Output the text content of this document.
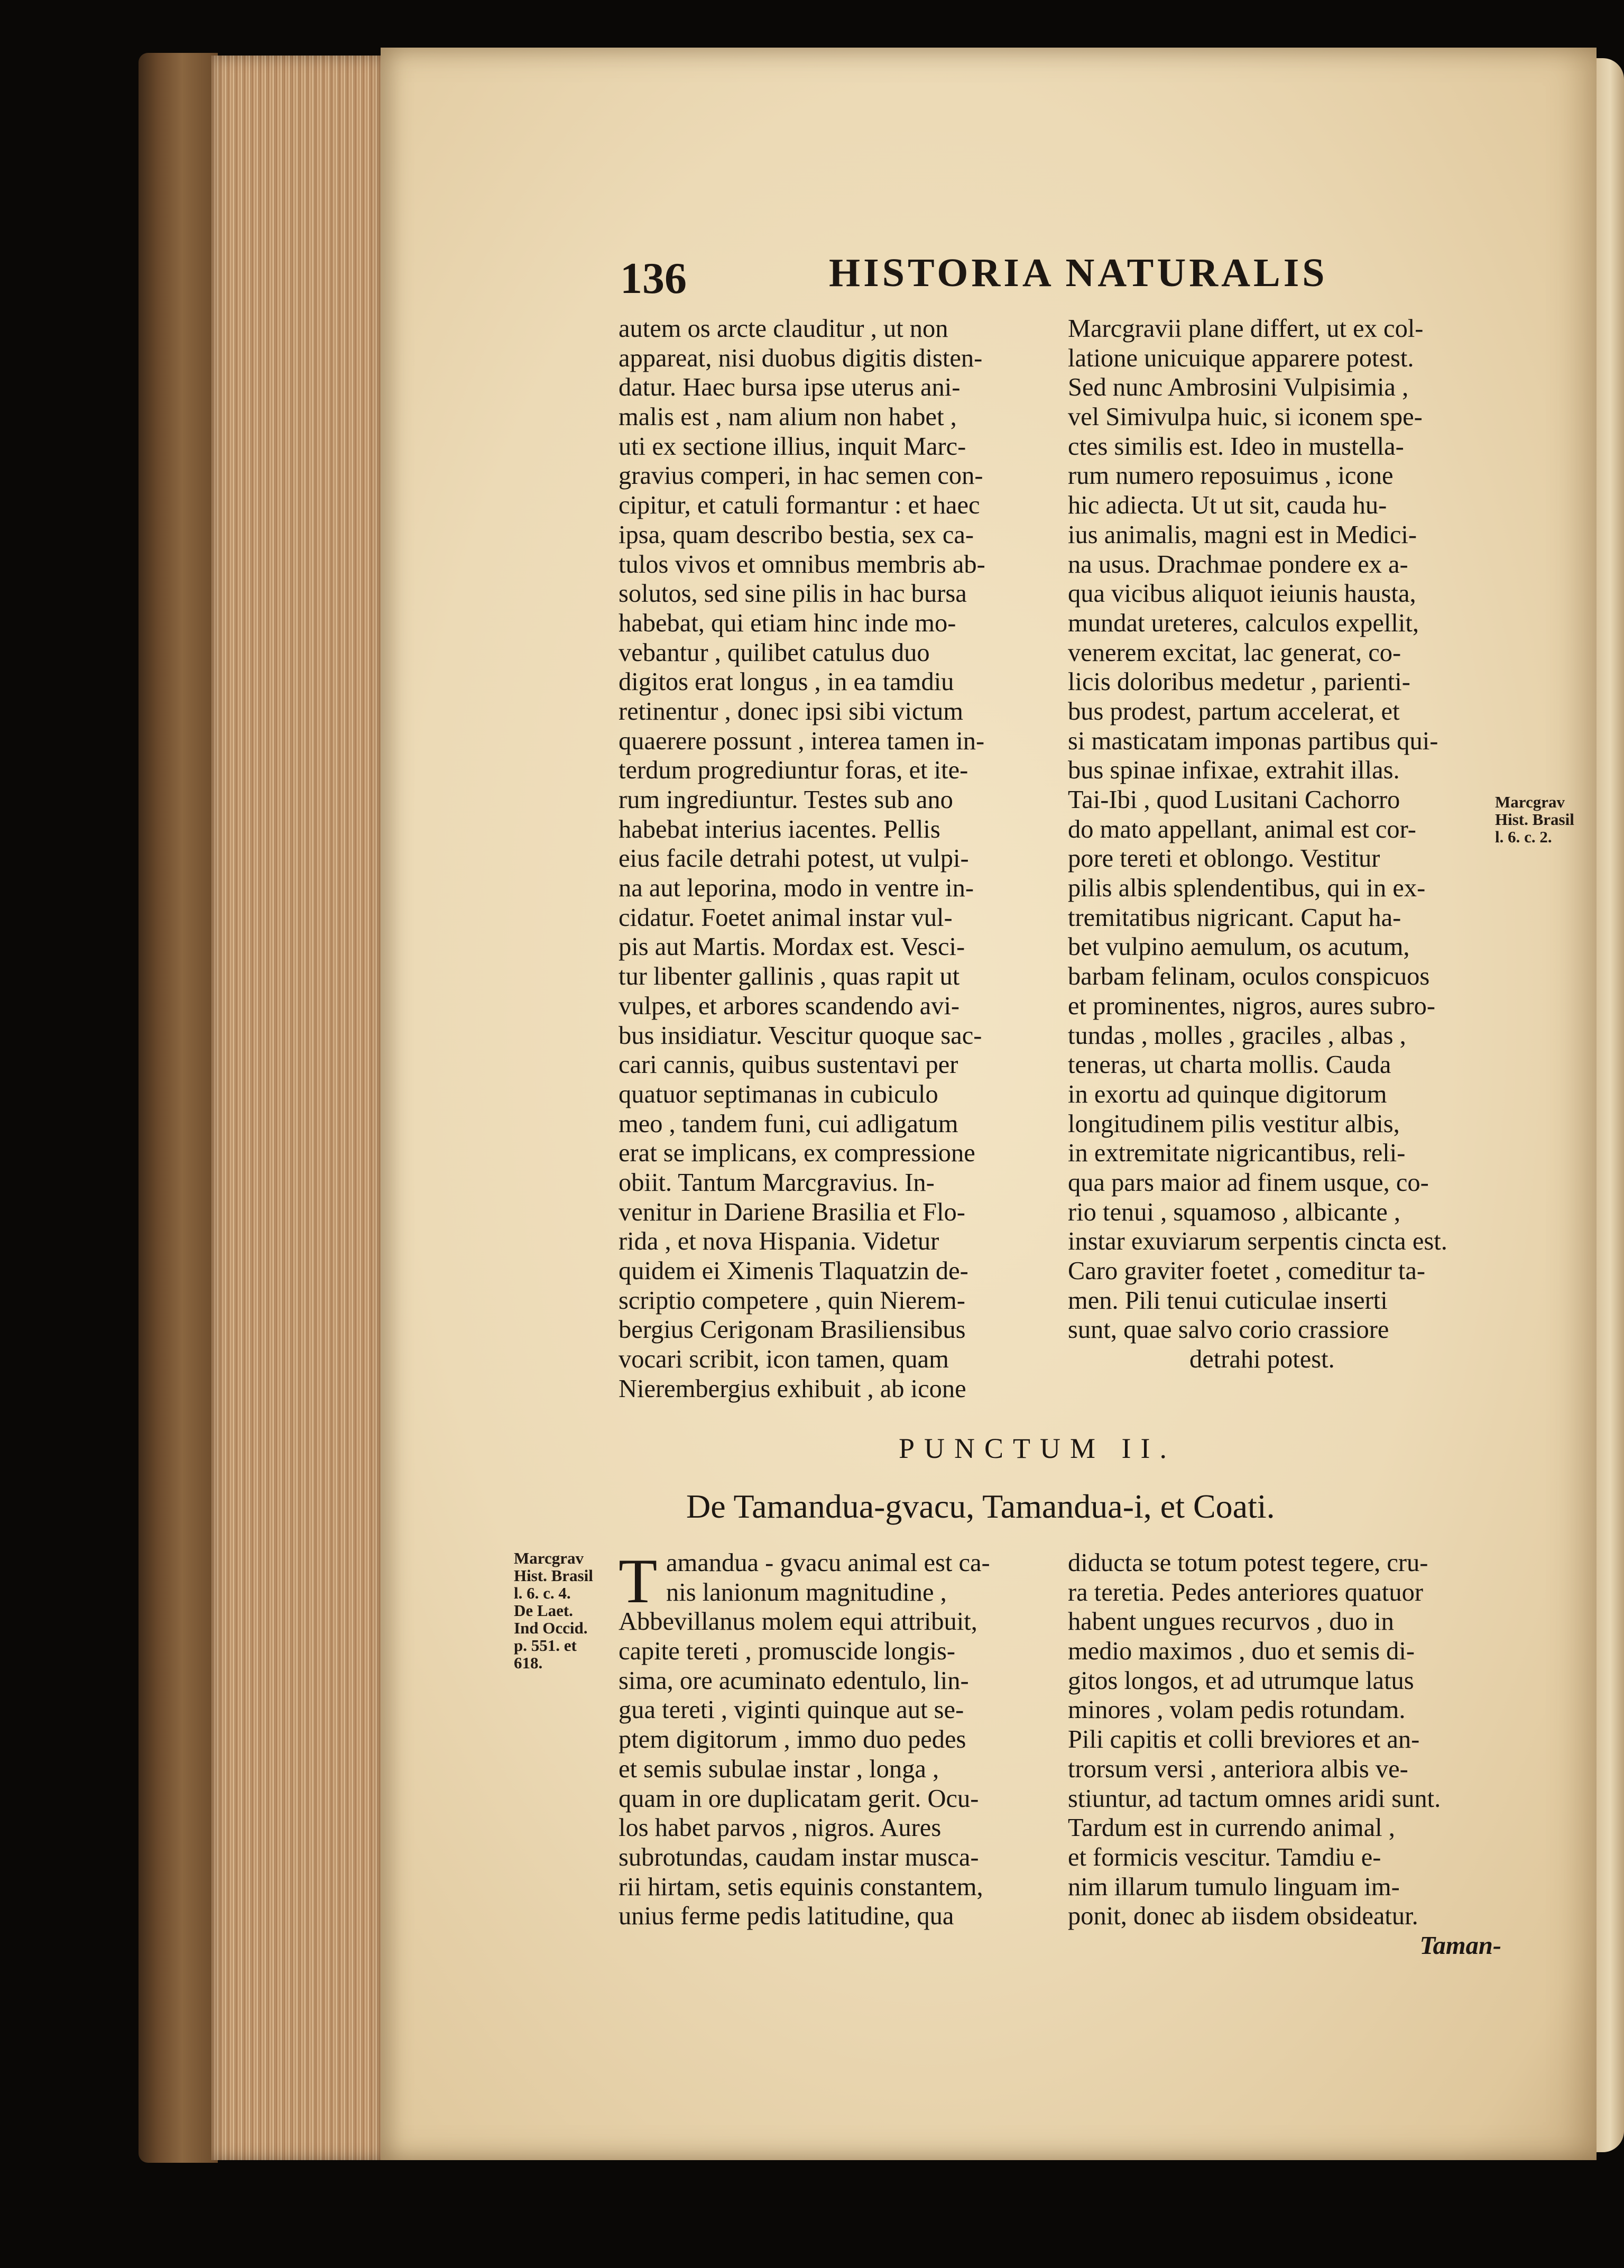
136	HISTORIA NATURALIS
autem os arcte clauditur , ut non
appareat, nisi duobus digitis disten-
datur. Haec bursa ipse uterus ani-
malis est , nam alium non habet ,
uti ex sectione illius, inquit Marc-
gravius comperi, in hac semen con-
cipitur, et catuli formantur : et haec
ipsa, quam describo bestia, sex ca-
tulos vivos et omnibus membris ab-
solutos, sed sine pilis in hac bursa
habebat, qui etiam hinc inde mo-
vebantur , quilibet catulus duo
digitos erat longus , in ea tamdiu
retinentur , donec ipsi sibi victum
quaerere possunt , interea tamen in-
terdum progrediuntur foras, et ite-
rum ingrediuntur. Testes sub ano
habebat interius iacentes. Pellis
eius facile detrahi potest, ut vulpi-
na aut leporina, modo in ventre in-
cidatur. Foetet animal instar vul-
pis aut Martis. Mordax est. Vesci-
tur libenter gallinis , quas rapit ut
vulpes, et arbores scandendo avi-
bus insidiatur. Vescitur quoque sac-
cari cannis, quibus sustentavi per
quatuor septimanas in cubiculo
meo , tandem funi, cui adligatum
erat se implicans, ex compressione
obiit. Tantum Marcgravius. In-
venitur in Dariene Brasilia et Flo-
rida , et nova Hispania. Videtur
quidem ei Ximenis Tlaquatzin de-
scriptio competere , quin Nierem-
bergius Cerigonam Brasiliensibus
vocari scribit, icon tamen, quam
Nierembergius exhibuit , ab icone
Marcgravii plane differt, ut ex col-
latione unicuique apparere potest.
Sed nunc Ambrosini Vulpisimia ,
vel Simivulpa huic, si iconem spe-
ctes similis est. Ideo in mustella-
rum numero reposuimus , icone
hic adiecta. Ut ut sit, cauda hu-
ius animalis, magni est in Medici-
na usus. Drachmae pondere ex a-
qua vicibus aliquot ieiunis hausta,
mundat ureteres, calculos expellit,
venerem excitat, lac generat, co-
licis doloribus medetur , parienti-
bus prodest, partum accelerat, et
si masticatam imponas partibus qui-
bus spinae infixae, extrahit illas.
Tai-Ibi , quod Lusitani Cachorro
do mato appellant, animal est cor-
pore tereti et oblongo. Vestitur
pilis albis splendentibus, qui in ex-
tremitatibus nigricant. Caput ha-
bet vulpino aemulum, os acutum,
barbam felinam, oculos conspicuos
et prominentes, nigros, aures subro-
tundas , molles , graciles , albas ,
teneras, ut charta mollis. Cauda
in exortu ad quinque digitorum
longitudinem pilis vestitur albis,
in extremitate nigricantibus, reli-
qua pars maior ad finem usque, co-
rio tenui , squamoso , albicante ,
instar exuviarum serpentis cincta est.
Caro graviter foetet , comeditur ta-
men. Pili tenui cuticulae inserti
sunt, quae salvo corio crassiore
detrahi potest.
PUNCTUM II.
De Tamandua-gvacu, Tamandua-i, et Coati.
Marcgrav
Hist. Brasil
l. 6. c. 4.
De Laet.
Ind Occid.
p. 551. et
618.
Marcgrav
Hist. Brasil
l. 6. c. 2.
T amandua - gvacu animal est ca-
nis lanionum magnitudine ,
Abbevillanus molem equi attribuit,
capite tereti , promuscide longis-
sima, ore acuminato edentulo, lin-
gua tereti , viginti quinque aut se-
ptem digitorum , immo duo pedes
et semis subulae instar , longa ,
quam in ore duplicatam gerit. Ocu-
los habet parvos , nigros. Aures
subrotundas, caudam instar musca-
rii hirtam, setis equinis constantem,
unius ferme pedis latitudine, qua
diducta se totum potest tegere, cru-
ra teretia. Pedes anteriores quatuor
habent ungues recurvos , duo in
medio maximos , duo et semis di-
gitos longos, et ad utrumque latus
minores , volam pedis rotundam.
Pili capitis et colli breviores et an-
trorsum versi , anteriora albis ve-
stiuntur, ad tactum omnes aridi sunt.
Tardum est in currendo animal ,
et formicis vescitur. Tamdiu e-
nim illarum tumulo linguam im-
ponit, donec ab iisdem obsideatur.
Taman-
